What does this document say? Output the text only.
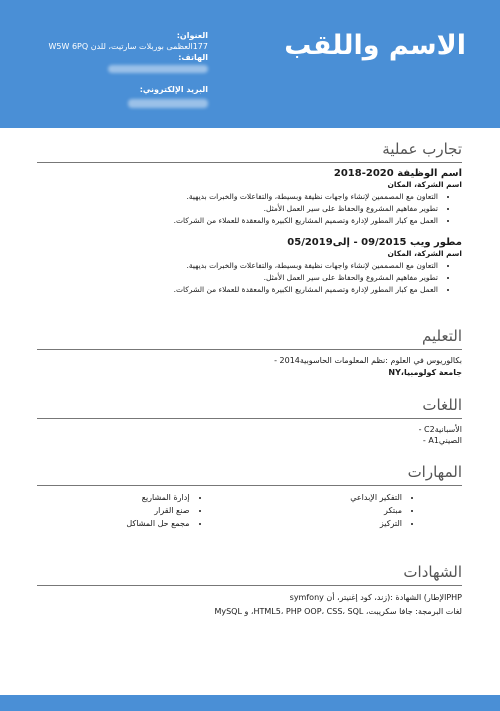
الاسم واللقب
العنوان:
177العظمى بوربلات سارتيت، للدن W5W 6PQ
الهاتف:
البريد الإلكتروني:
تجارب عملية
اسم الوظيفة 2020-2018
اسم الشركة، المكان
• التعاون مع المصممين لإنشاء واجهات نظيفة وبسيطة، والتفاعلات والخبرات بديهية.
• تطوير مفاهيم المشروع والحفاظ على سير العمل الأمثل.
• العمل مع كبار المطور لإدارة وتصميم المشاريع الكبيرة والمعقدة للعملاء من الشركات.
مطور ويب 09/2015 - إلى05/2019
اسم الشركة، المكان
• التعاون مع المصممين لإنشاء واجهات نظيفة وبسيطة، والتفاعلات والخبرات بديهية.
• تطوير مفاهيم المشروع والحفاظ على سير العمل الأمثل.
• العمل مع كبار المطور لإدارة وتصميم المشاريع الكبيرة والمعقدة للعملاء من الشركات.
التعليم
بكالوريوس في العلوم :نظم المعلومات الحاسوبية2014 -
جامعة كولومبيا،NY
اللغات
الأسبانيةC2 -
الصينيA1 -
المهارات
• التفكير الإبداعي
• مبتكر
• التركيز
• إدارة المشاريع
• صنع القرار
• مجمع حل المشاكل
الشهادات
PHPالإطار) الشهادة :(زند، كود إغنيتر، أن symfony
لغات البرمجة: جافا سكريبت، HTML5، PHP OOP، CSS، SQL، و MySQL
